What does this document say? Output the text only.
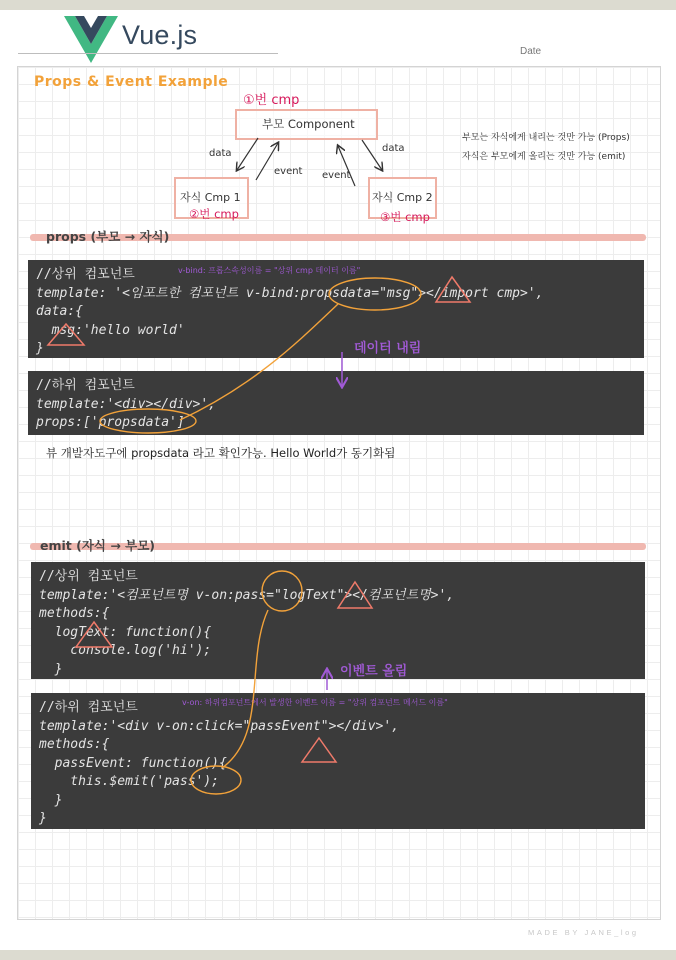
Vue.js
Date
Props & Event Example
①번 cmp
부모 Component
자식 Cmp 1
②번 cmp
자식 Cmp 2
③번 cmp
data
event event
data
부모는 자식에게 내리는 것만 가능 (Props)
자식은 부모에게 올리는 것만 가능 (emit)
props (부모 → 자식)
//상위 컴포넌트
template: '<임포트한 컴포넌트 v-bind:propsdata="msg"></import cmp>',
data:{
msg:'hello world'
}
v-bind: 프롭스속성이름 = "상위 cmp 데이터 이름"
데이터 내림
//하위 컴포넌트
template:'<div></div>',
props:['propsdata']
뷰 개발자도구에 propsdata 라고 확인가능. Hello World가 동기화됨
emit (자식 → 부모)
//상위 컴포넌트
template:'<컴포넌트명 v-on:pass="logText"></컴포넌트명>',
methods:{
logText: function(){
console.log('hi');
}	이벤트 올림
//하위 컴포넌트
template:'<div v-on:click="passEvent"></div>',
methods:{
passEvent: function(){
this.$emit('pass');
}
}
v-on: 하위컴포넌트에서 발생한 이벤트 이름 = "상위 컴포넌트 메서드 이름"
MADE BY JANE_log
